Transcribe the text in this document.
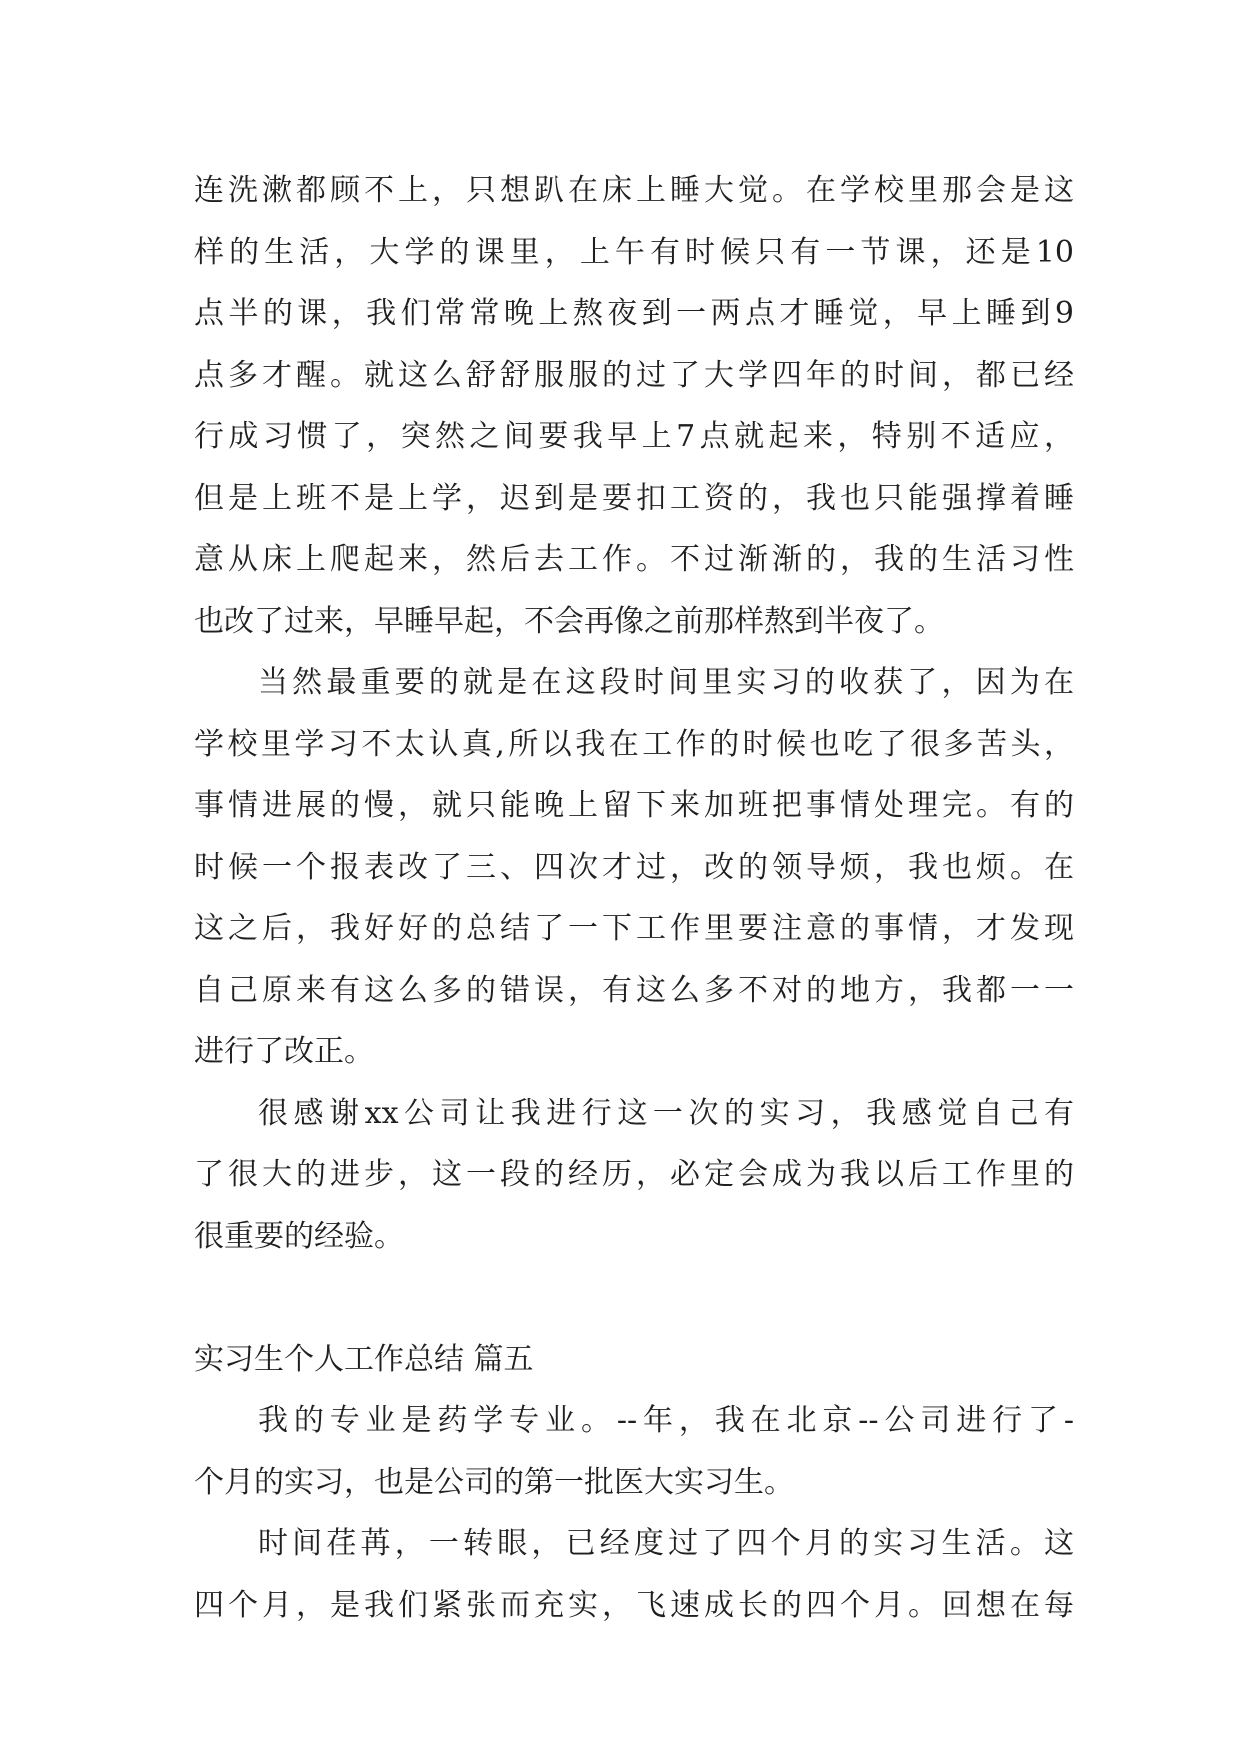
连洗漱都顾不上，只想趴在床上睡大觉。在学校里那会是这
样的生活，大学的课里，上午有时候只有一节课，还是10
点半的课，我们常常晚上熬夜到一两点才睡觉，早上睡到9
点多才醒。就这么舒舒服服的过了大学四年的时间，都已经
行成习惯了，突然之间要我早上7点就起来，特别不适应，
但是上班不是上学，迟到是要扣工资的，我也只能强撑着睡
意从床上爬起来，然后去工作。不过渐渐的，我的生活习性
也改了过来，早睡早起，不会再像之前那样熬到半夜了。
当然最重要的就是在这段时间里实习的收获了，因为在
学校里学习不太认真,所以我在工作的时候也吃了很多苦头，
事情进展的慢，就只能晚上留下来加班把事情处理完。有的
时候一个报表改了三、四次才过，改的领导烦，我也烦。在
这之后，我好好的总结了一下工作里要注意的事情，才发现
自己原来有这么多的错误，有这么多不对的地方，我都一一
进行了改正。
很感谢xx公司让我进行这一次的实习，我感觉自己有
了很大的进步，这一段的经历，必定会成为我以后工作里的
很重要的经验。
实习生个人工作总结 篇五
我的专业是药学专业。--年，我在北京--公司进行了-
个月的实习，也是公司的第一批医大实习生。
时间荏苒，一转眼，已经度过了四个月的实习生活。这
四个月，是我们紧张而充实，飞速成长的四个月。回想在每
